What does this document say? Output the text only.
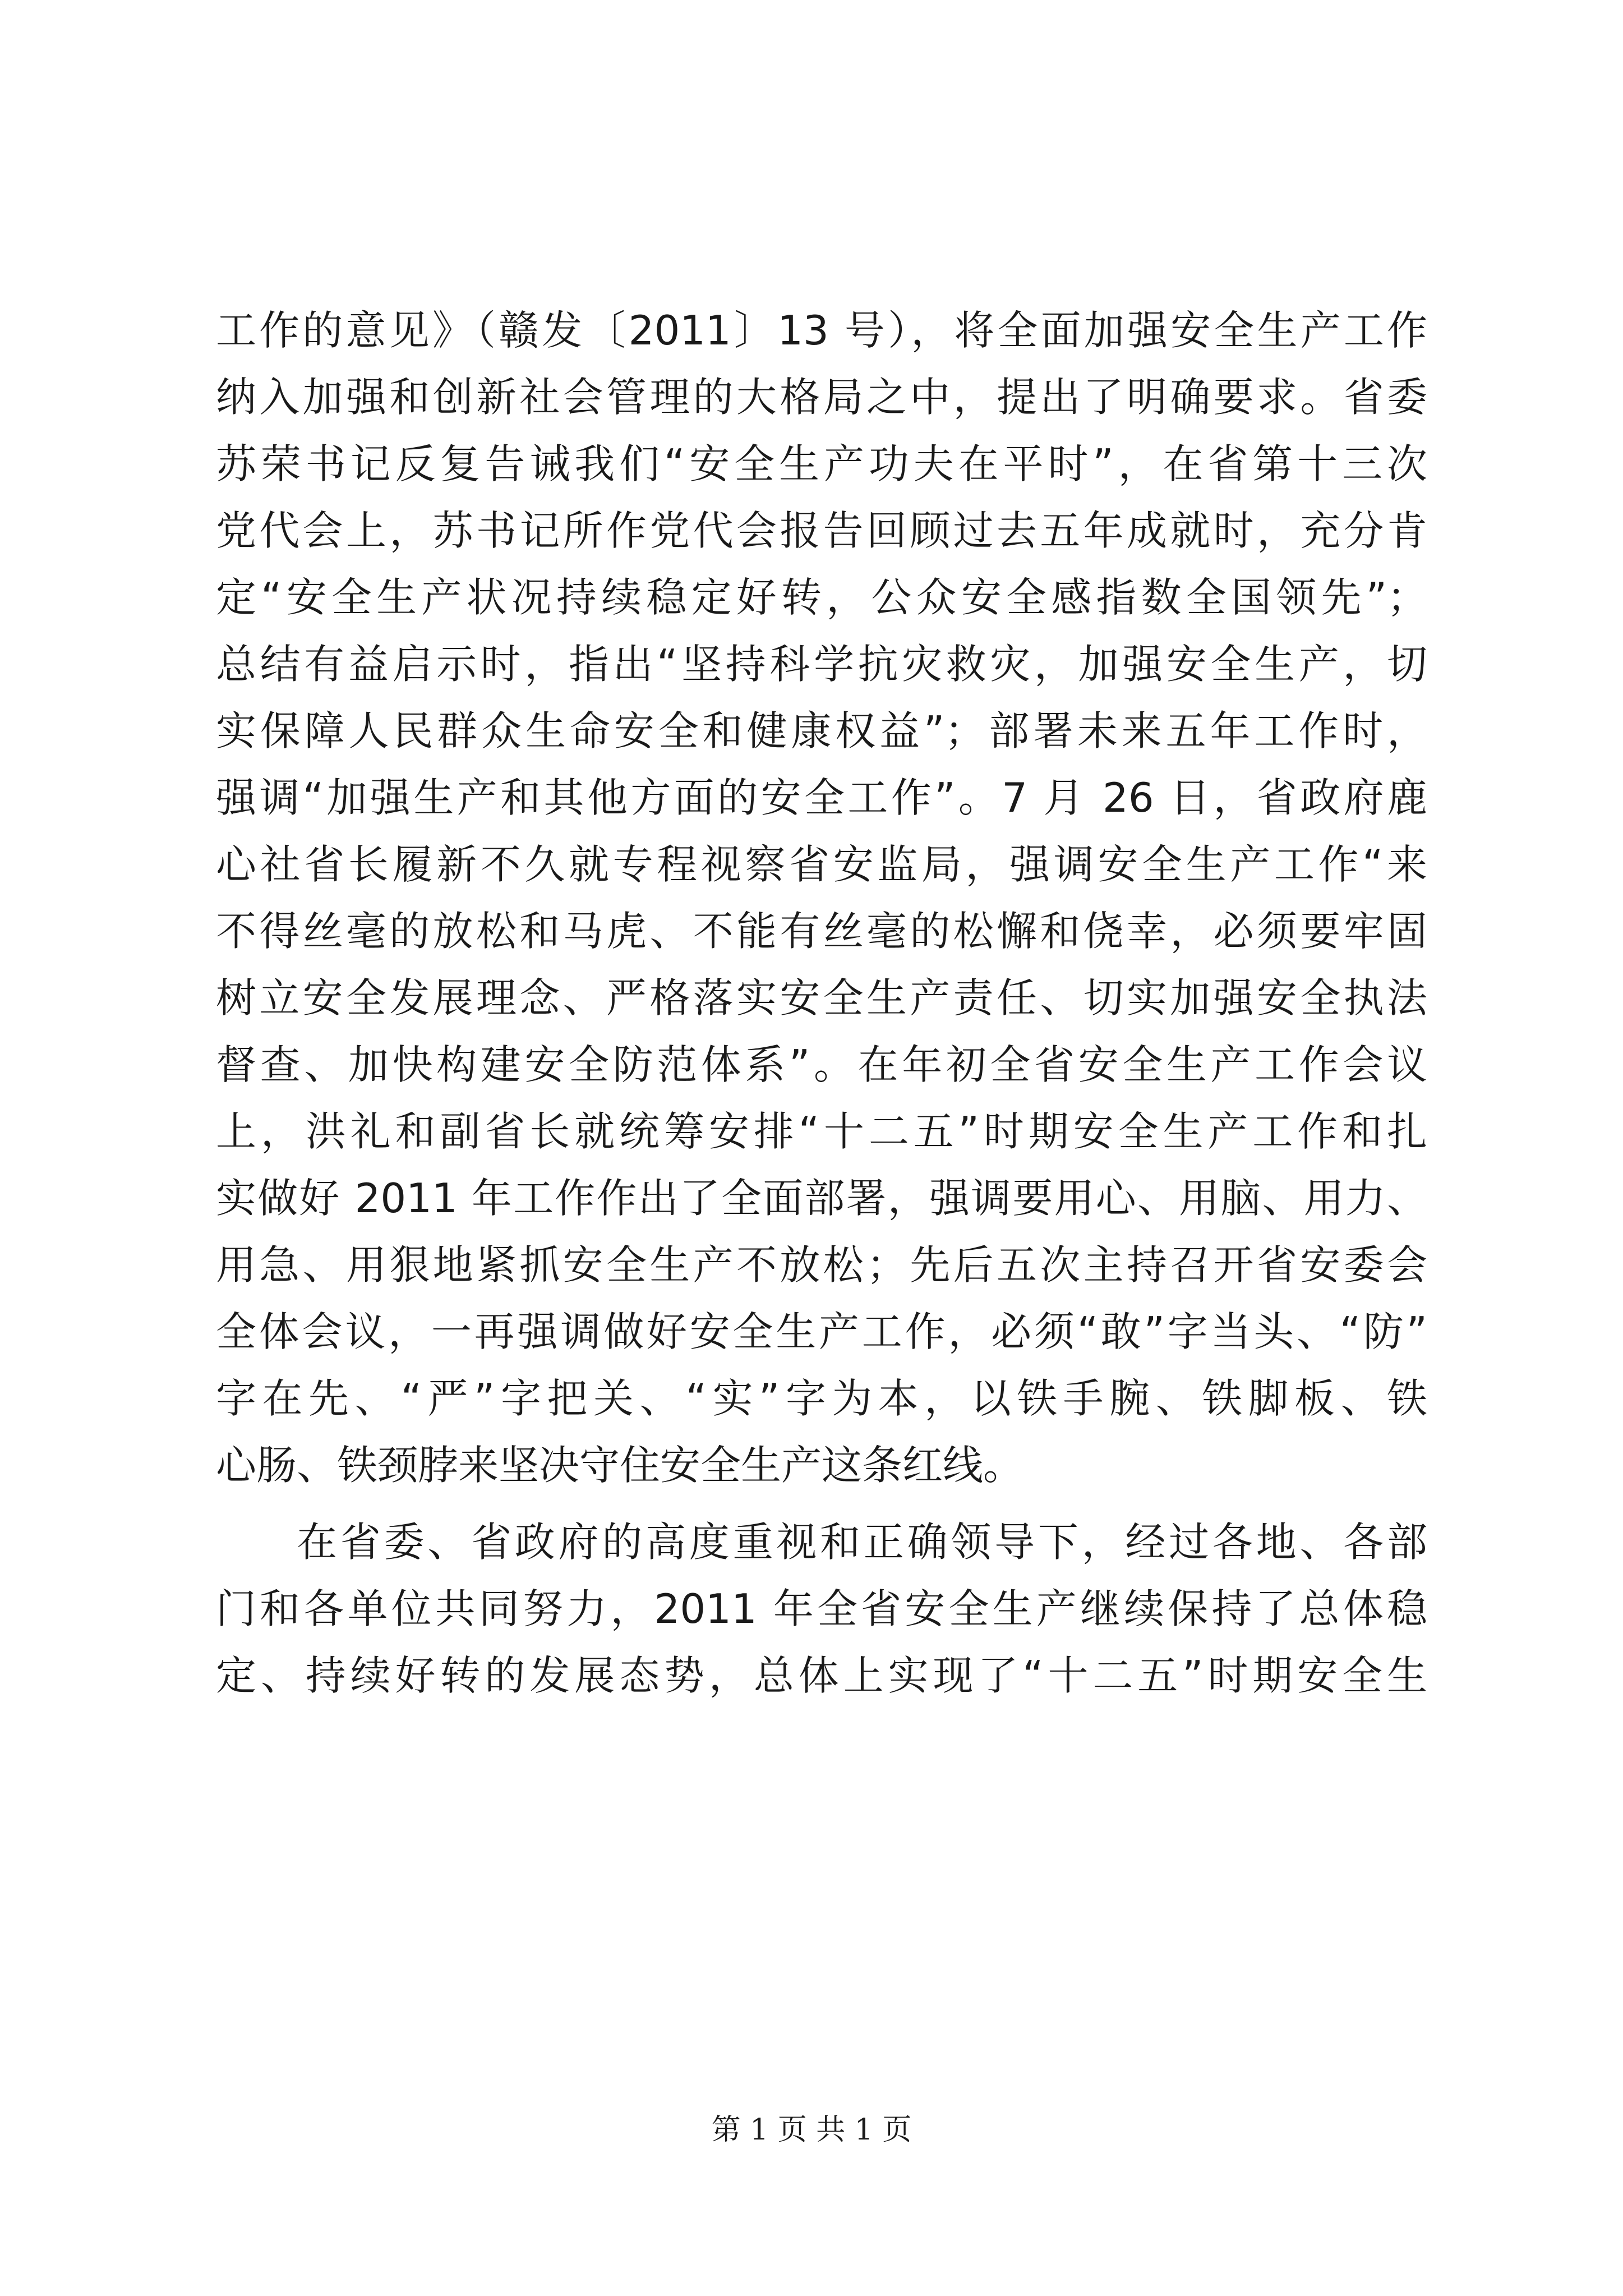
工作的意见》（赣发〔2011〕13 号），将全面加强安全生产工作
纳入加强和创新社会管理的大格局之中，提出了明确要求。省委
苏荣书记反复告诫我们“安全生产功夫在平时”，在省第十三次
党代会上，苏书记所作党代会报告回顾过去五年成就时，充分肯
定“安全生产状况持续稳定好转，公众安全感指数全国领先”；
总结有益启示时，指出“坚持科学抗灾救灾，加强安全生产，切
实保障人民群众生命安全和健康权益”；部署未来五年工作时，
强调“加强生产和其他方面的安全工作”。7 月 26 日，省政府鹿
心社省长履新不久就专程视察省安监局，强调安全生产工作“来
不得丝毫的放松和马虎、不能有丝毫的松懈和侥幸，必须要牢固
树立安全发展理念、严格落实安全生产责任、切实加强安全执法
督查、加快构建安全防范体系”。在年初全省安全生产工作会议
上，洪礼和副省长就统筹安排“十二五”时期安全生产工作和扎
实做好 2011 年工作作出了全面部署，强调要用心、用脑、用力、
用急、用狠地紧抓安全生产不放松；先后五次主持召开省安委会
全体会议，一再强调做好安全生产工作，必须“敢”字当头、“防”
字在先、“严”字把关、“实”字为本，以铁手腕、铁脚板、铁
心肠、铁颈脖来坚决守住安全生产这条红线。
在省委、省政府的高度重视和正确领导下，经过各地、各部
门和各单位共同努力，2011 年全省安全生产继续保持了总体稳
定、持续好转的发展态势，总体上实现了“十二五”时期安全生
第 1 页 共 1 页
